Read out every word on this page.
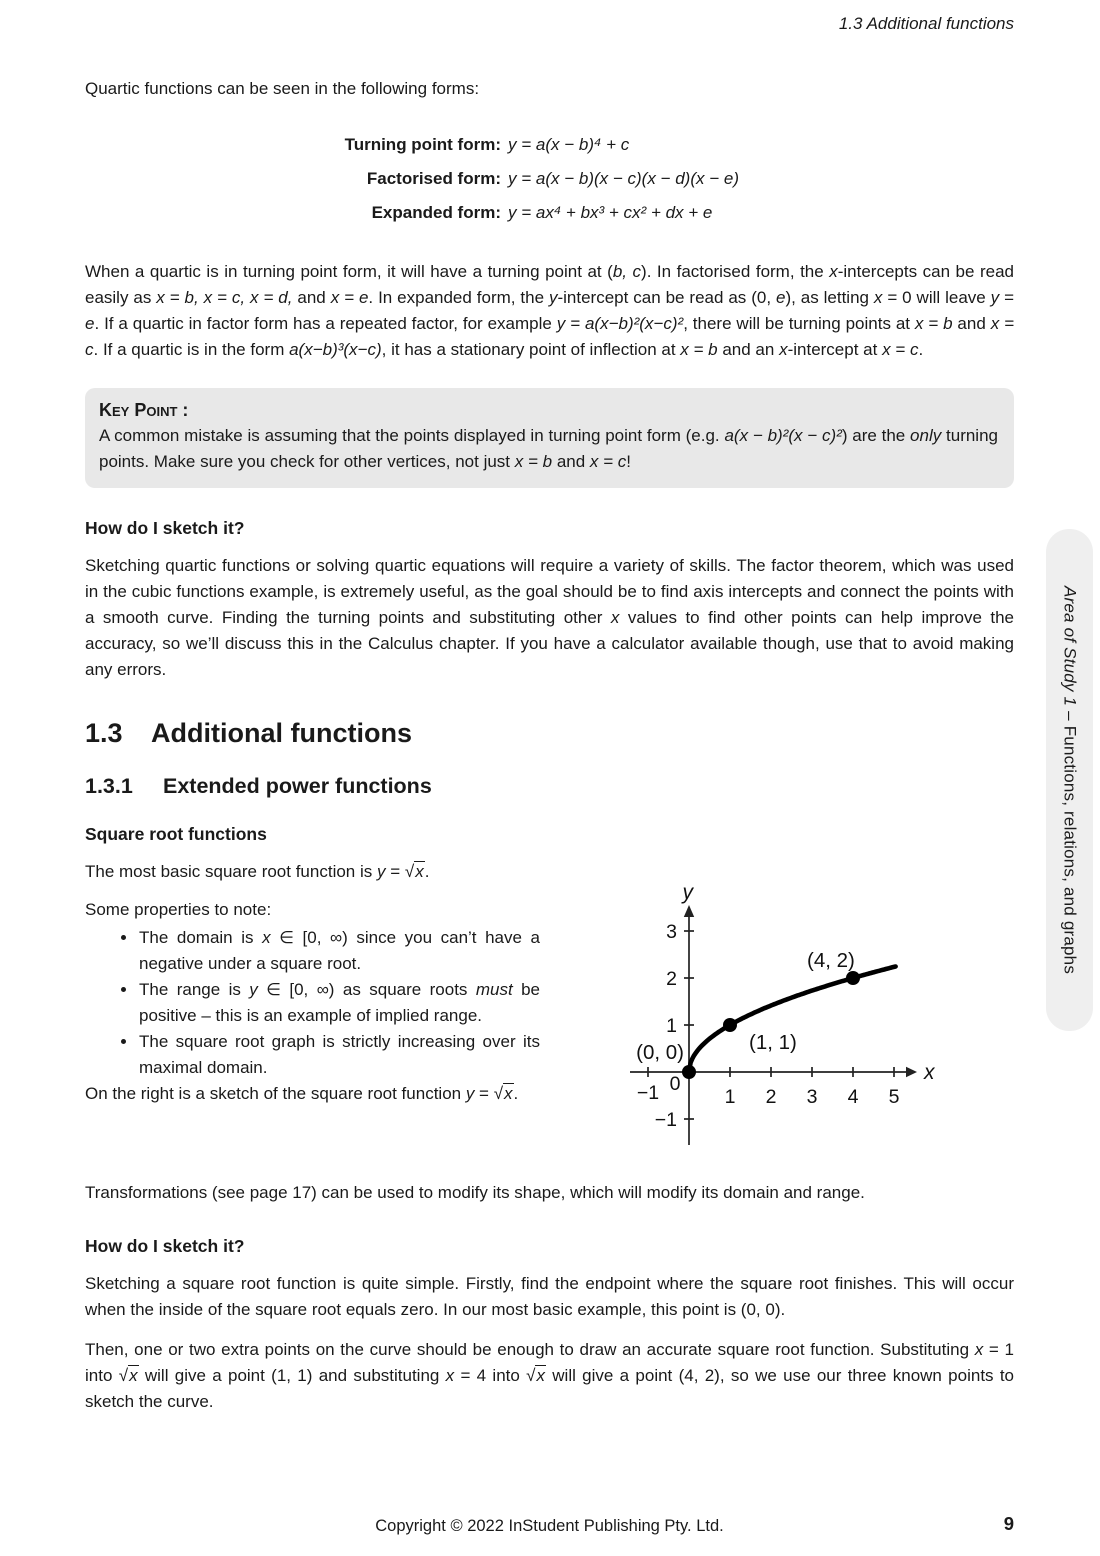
1.3 Additional functions

Quartic functions can be seen in the following forms:

Turning point form: y = a(x − b)⁴ + c
Factorised form: y = a(x − b)(x − c)(x − d)(x − e)
Expanded form: y = ax⁴ + bx³ + cx² + dx + e

When a quartic is in turning point form, it will have a turning point at (b, c). In factorised form, the x-intercepts can be read easily as x = b, x = c, x = d, and x = e. In expanded form, the y-intercept can be read as (0, e), as letting x = 0 will leave y = e. If a quartic in factor form has a repeated factor, for example y = a(x−b)²(x−c)², there will be turning points at x = b and x = c. If a quartic is in the form a(x−b)³(x−c), it has a stationary point of inflection at x = b and an x-intercept at x = c.

Key Point :

A common mistake is assuming that the points displayed in turning point form (e.g. a(x − b)²(x − c)²) are the only turning points. Make sure you check for other vertices, not just x = b and x = c!

How do I sketch it?

Sketching quartic functions or solving quartic equations will require a variety of skills. The factor theorem, which was used in the cubic functions example, is extremely useful, as the goal should be to find axis intercepts and connect the points with a smooth curve. Finding the turning points and substituting other x values to find other points can help improve the accuracy, so we’ll discuss this in the Calculus chapter. If you have a calculator available though, use that to avoid making any errors.

1.3	Additional functions
1.3.1	Extended power functions
Square root functions

The most basic square root function is y = √x.

Some properties to note:

• The domain is x ∈ [0, ∞) since you can’t have a negative under a square root.
• The range is y ∈ [0, ∞) as square roots must be positive – this is an example of implied range.
• The square root graph is strictly increasing over its maximal domain.

On the right is a sketch of the square root function y = √x.	−1	1 2 3 4 5
−1
1
2
3
0
(0, 0)	(1, 1)
(4, 2)
x
y

Transformations (see page 17) can be used to modify its shape, which will modify its domain and range.

How do I sketch it?

Sketching a square root function is quite simple. Firstly, find the endpoint where the square root finishes. This will occur when the inside of the square root equals zero. In our most basic example, this point is (0, 0).

Then, one or two extra points on the curve should be enough to draw an accurate square root function. Substituting x = 1 into √x will give a point (1, 1) and substituting x = 4 into √x will give a point (4, 2), so we use our three known points to sketch the curve.

Area of Study 1 – Functions, relations, and graphs
Copyright © 2022 InStudent Publishing Pty. Ltd.	9
